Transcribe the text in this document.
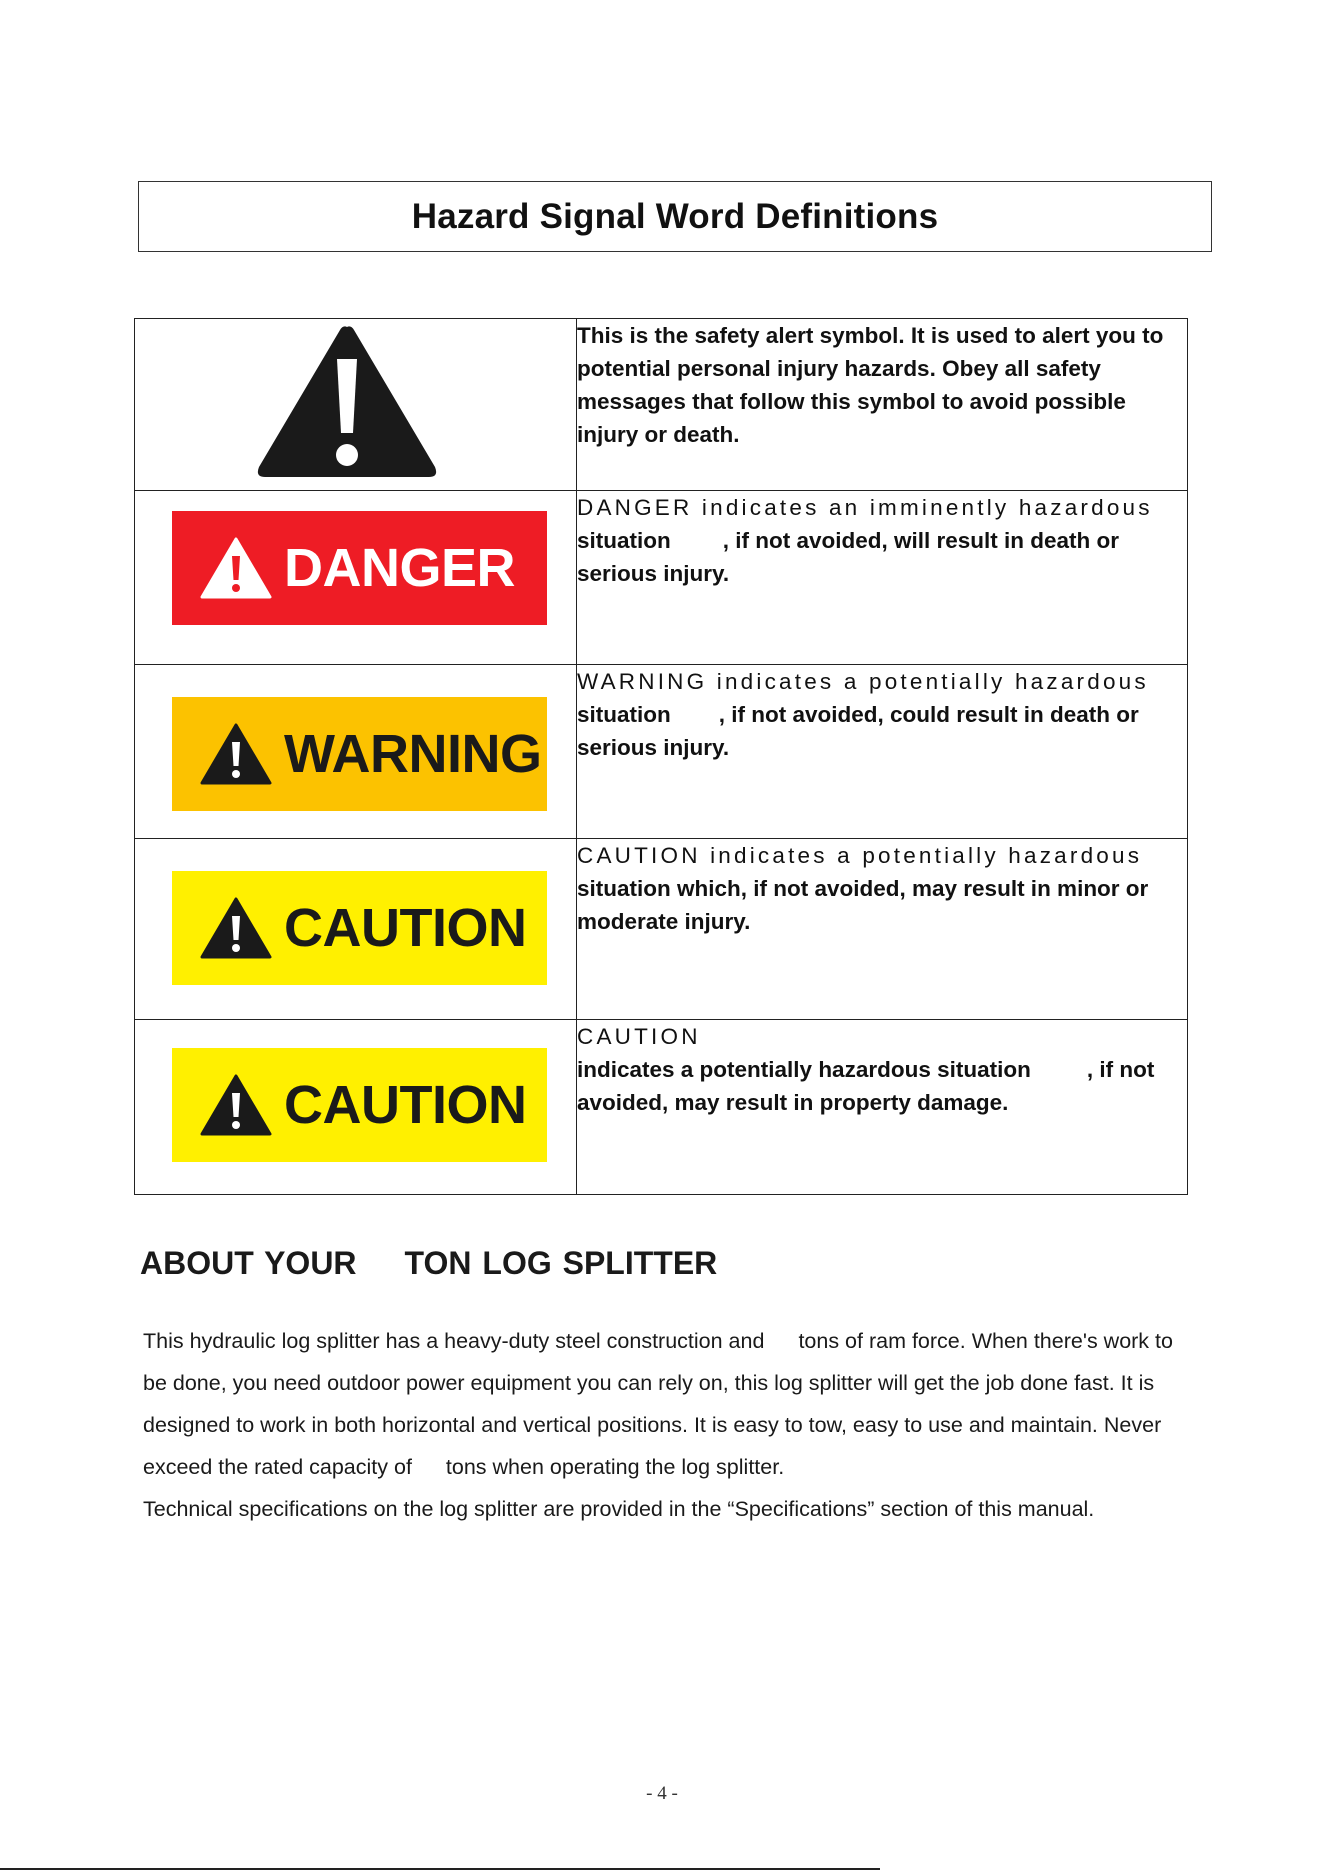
Hazard Signal Word Definitions

This is the safety alert symbol. It is used to alert you to potential personal injury hazards. Obey all safety messages that follow this symbol to avoid possible injury or death.

DANGER	DANGER indicates an imminently hazardous
situation , if not avoided, will result in death or serious injury.

WARNING	WARNING indicates a potentially hazardous
situation , if not avoided, could result in death or serious injury.

CAUTION	CAUTION indicates a potentially hazardous
situation which, if not avoided, may result in minor or moderate injury.

CAUTION	CAUTION
indicates a potentially hazardous situation , if not avoided, may result in property damage.

ABOUT YOUR TON LOG SPLITTER

This hydraulic log splitter has a heavy-duty steel construction and tons of ram force. When there's work to be done, you need outdoor power equipment you can rely on, this log splitter will get the job done fast. It is designed to work in both horizontal and vertical positions. It is easy to tow, easy to use and maintain. Never exceed the rated capacity of tons when operating the log splitter.

Technical specifications on the log splitter are provided in the “Specifications” section of this manual.

- 4 -
